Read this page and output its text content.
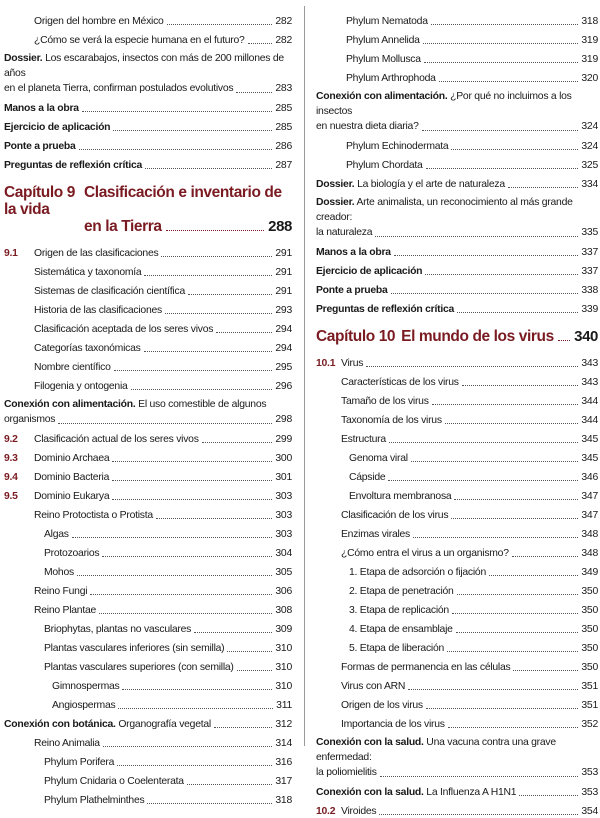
Origen del hombre en México	282
¿Cómo se verá la especie humana en el futuro?	282
Dossier. Los escarabajos, insectos con más de 200 millones de años
en el planeta Tierra, confirman postulados evolutivos	283
Manos a la obra	285
Ejercicio de aplicación	285
Ponte a prueba	286
Preguntas de reflexión crítica	287
Capítulo 9 Clasificación e inventario de la vida
en la Tierra	288
9.1 Origen de las clasificaciones	291
Sistemática y taxonomía	291
Sistemas de clasificación científica	291
Historia de las clasificaciones	293
Clasificación aceptada de los seres vivos	294
Categorías taxonómicas	294
Nombre científico	295
Filogenia y ontogenia	296
Conexión con alimentación. El uso comestible de algunos
organismos	298
9.2 Clasificación actual de los seres vivos	299
9.3 Dominio Archaea	300
9.4 Dominio Bacteria	301
9.5 Dominio Eukarya	303
Reino Protoctista o Protista	303
Algas	303
Protozoarios	304
Mohos	305
Reino Fungi	306
Reino Plantae	308
Briophytas, plantas no vasculares	309
Plantas vasculares inferiores (sin semilla)	310
Plantas vasculares superiores (con semilla)	310
Gimnospermas	310
Angiospermas	311
Conexión con botánica. Organografía vegetal	312
Reino Animalia	314
Phylum Porifera	316
Phylum Cnidaria o Coelenterata	317
Phylum Plathelminthes	318
Phylum Nematoda	318
Phylum Annelida	319
Phylum Mollusca	319
Phylum Arthrophoda	320
Conexión con alimentación. ¿Por qué no incluimos a los insectos
en nuestra dieta diaria?	324
Phylum Echinodermata	324
Phylum Chordata	325
Dossier. La biología y el arte de naturaleza	334
Dossier. Arte animalista, un reconocimiento al más grande creador:
la naturaleza	335
Manos a la obra	337
Ejercicio de aplicación	337
Ponte a prueba	338
Preguntas de reflexión crítica	339
Capítulo 10 El mundo de los virus 340
10.1 Virus	343
Características de los virus	343
Tamaño de los virus	344
Taxonomía de los virus	344
Estructura	345
Genoma viral	345
Cápside	346
Envoltura membranosa	347
Clasificación de los virus	347
Enzimas virales	348
¿Cómo entra el virus a un organismo?	348
1. Etapa de adsorción o fijación	349
2. Etapa de penetración	350
3. Etapa de replicación	350
4. Etapa de ensamblaje	350
5. Etapa de liberación	350
Formas de permanencia en las células	350
Virus con ARN	351
Origen de los virus	351
Importancia de los virus	352
Conexión con la salud. Una vacuna contra una grave enfermedad:
la poliomielitis	353
Conexión con la salud. La Influenza A H1N1	353
10.2 Viroides	354
